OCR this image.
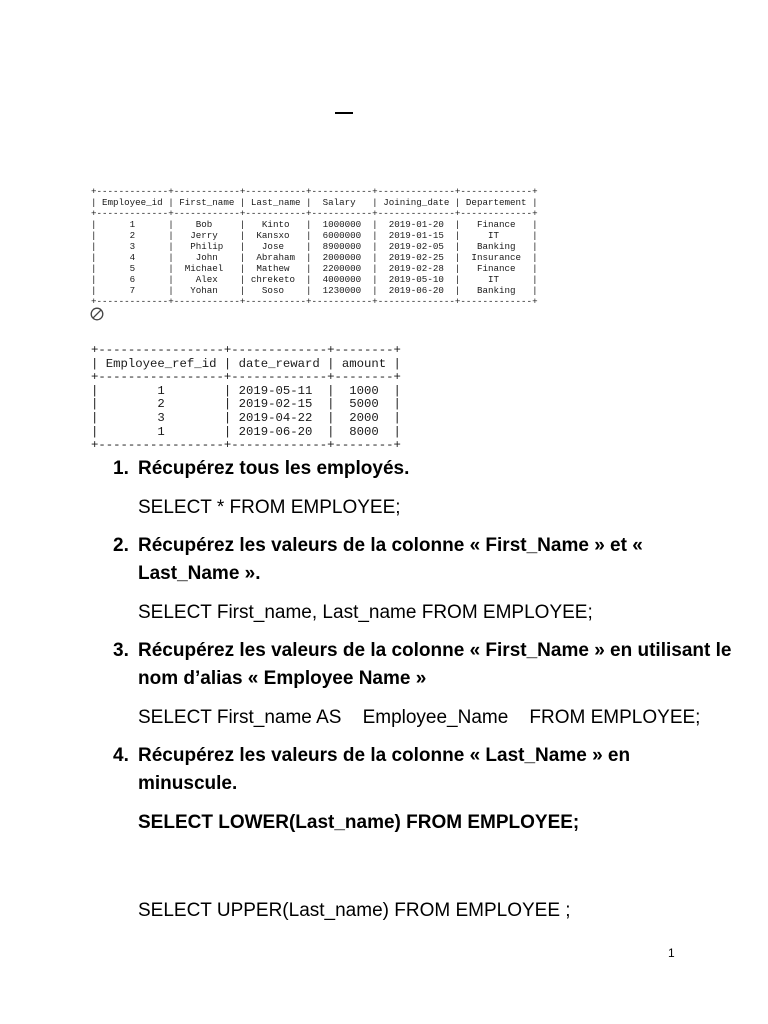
+-------------+------------+-----------+-----------+--------------+-------------+
| Employee_id | First_name | Last_name |  Salary   | Joining_date | Departement |
+-------------+------------+-----------+-----------+--------------+-------------+
|      1      |    Bob     |   Kinto   |  1000000  |  2019-01-20  |   Finance   |
|      2      |   Jerry    |  Kansxo   |  6000000  |  2019-01-15  |     IT      |
|      3      |   Philip   |   Jose    |  8900000  |  2019-02-05  |   Banking   |
|      4      |    John    |  Abraham  |  2000000  |  2019-02-25  |  Insurance  |
|      5      |  Michael   |  Mathew   |  2200000  |  2019-02-28  |   Finance   |
|      6      |    Alex    | chreketo  |  4000000  |  2019-05-10  |     IT      |
|      7      |   Yohan    |   Soso    |  1230000  |  2019-06-20  |   Banking   |
+-------------+------------+-----------+-----------+--------------+-------------+
+-----------------+-------------+--------+
| Employee_ref_id | date_reward | amount |
+-----------------+-------------+--------+
|        1        | 2019-05-11  |  1000  |
|        2        | 2019-02-15  |  5000  |
|        3        | 2019-04-22  |  2000  |
|        1        | 2019-06-20  |  8000  |
+-----------------+-------------+--------+
1. Récupérez tous les employés.
SELECT * FROM EMPLOYEE;
2. Récupérez les valeurs de la colonne « First_Name » et « Last_Name ».
SELECT First_name, Last_name FROM EMPLOYEE;
3. Récupérez les valeurs de la colonne « First_Name » en utilisant le nom d’alias « Employee Name »
SELECT First_name AS    Employee_Name    FROM EMPLOYEE;
4. Récupérez les valeurs de la colonne « Last_Name » en minuscule.
SELECT LOWER(Last_name) FROM EMPLOYEE;
SELECT UPPER(Last_name) FROM EMPLOYEE ;
1
